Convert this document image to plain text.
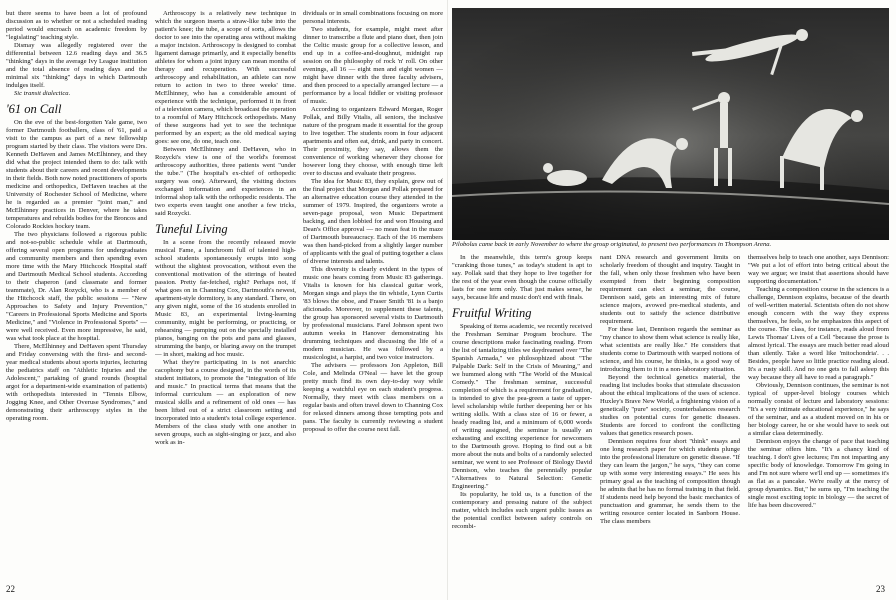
but there seems to have been a lot of profound discussion as to whether or not a scheduled reading period would encroach on academic freedom by "legislating" teaching style.

Dismay was allegedly registered over the differential between 12.6 reading days and 36.5 "thinking" days in the average Ivy League institution and the total absence of reading days and the minimal six "thinking" days in which Dartmouth indulges itself.

Sic transit dialectica.

'61 on Call

On the eve of the best-forgotten Yale game, two former Dartmouth footballers, class of '61, paid a visit to the campus as part of a new fellowship program started by their class. The visitors were Drs. Kenneth DeHaven and James McElhinney, and they did what the project intended them to do: talk with students about their careers and recent developments in their fields. Both now noted practitioners of sports medicine and orthopedics, DeHaven teaches at the University of Rochester School of Medicine, where he is regarded as a premier "joint man," and McElhinney practices in Denver, where he takes temperatures and rebuilds bodies for the Broncos and Colorado Rockies hockey team.

The two physicians followed a rigorous public and not-so-public schedule while at Dartmouth, offering several open programs for undergraduates and community members and then spending even more time with the Mary Hitchcock Hospital staff and Dartmouth Medical School students. According to their chaperon (and classmate and former teammate), Dr. Alan Rozycki, who is a member of the Hitchcock staff, the public sessions — "New Approaches to Safety and Injury Prevention," "Careers in Professional Sports Medicine and Sports Medicine," and "Violence in Professional Sports" — were well received. Even more impressive, he said, was what took place at the hospital.

There, McElhinney and DeHaven spent Thursday and Friday conversing with the first- and second-year medical students about sports injuries, lecturing the pediatrics staff on "Athletic Injuries and the Adolescent," partaking of grand rounds (hospital argot for a department-wide examination of patients) with orthopedists interested in "Tennis Elbow, Jogging Knee, and Other Overuse Syndromes," and demonstrating their arthroscopy styles in the operating room.

Arthroscopy is a relatively new technique in which the surgeon inserts a straw-like tube into the patient's knee; the tube, a scope of sorts, allows the doctor to see into the operating area without making a major incision. Arthroscopy is designed to combat ligament damage primarily, and it especially benefits athletes for whom a joint injury can mean months of therapy and recuperation. With successful arthroscopy and rehabilitation, an athlete can now return to action in two to three weeks' time. McElhinney, who has a considerable amount of experience with the technique, performed it in front of a television camera, which broadcast the operation to a roomful of Mary Hitchcock orthopedists. Many of these surgeons had yet to see the technique performed by an expert; as the old medical saying goes: see one, do one, teach one.

Between McElhinney and DeHaven, who in Rozycki's view is one of the world's foremost arthroscopy authorities, three patients went "under the tube." (The hospital's ex-chief of orthopedic surgery was one). Afterward, the visiting doctors exchanged information and experiences in an informal shop talk with the orthopedic residents. The two experts even taught one another a few tricks, said Rozycki.

Tuneful Living

In a scene from the recently released movie musical Fame, a lunchroom full of talented high-school students spontaneously erupts into song without the slightest provocation, without even the conventional motivation of the stirrings of heated passion. Pretty far-fetched, right? Perhaps not, if what goes on in Channing Cox, Dartmouth's newest, apartment-style dormitory, is any standard. There, on any given night, some of the 16 students enrolled in Music 83, an experimental living-learning community, might be performing, or practicing, or rehearsing — pumping out on the specially installed pianos, banging on the pots and pans and glasses, strumming the banjo, or blaring away on the trumpet — in short, making ad hoc music.

What they're participating in is not anarchic cacophony but a course designed, in the words of its student initiators, to promote the "integration of life and music." In practical terms that means that the informal curriculum — an exploration of new musical skills and a refinement of old ones — has been lifted out of a strict classroom setting and incorporated into a student's total college experience. Members of the class study with one another in seven groups, such as sight-singing or jazz, and also work as in-

dividuals or in small combinations focusing on more personal interests.

Two students, for example, might meet after dinner to transcribe a flute and piano duet, then join the Celtic music group for a collective lesson, and end up in a coffee-and-doughnut, midnight rap session on the philosophy of rock 'n' roll. On other evenings, all 16 — eight men and eight women — might have dinner with the three faculty advisers, and then proceed to a specially arranged lecture — a performance by a local fiddler or visiting professor of music.

According to organizers Edward Morgan, Roger Pollak, and Billy Vitalis, all seniors, the inclusive nature of the program made it essential for the group to live together. The students room in four adjacent apartments and often eat, drink, and party in concert. Their proximity, they say, allows them the convenience of working whenever they choose for however long they choose, with enough time left over to discuss and evaluate their progress.

The idea for Music 83, they explain, grew out of the final project that Morgan and Pollak prepared for an alternative education course they attended in the summer of 1979. Inspired, the organizers wrote a seven-page proposal, won Music Department backing, and then lobbied for and won Housing and Dean's Office approval — no mean feat in the maze of Dartmouth bureaucracy. Each of the 16 members was then hand-picked from a slightly larger number of applicants with the goal of putting together a class of diverse interests and talents.

This diversity is clearly evident in the types of music one hears coming from Music 83 gatherings. Vitalis is known for his classical guitar work, Morgan sings and plays the tin whistle, Lynn Curtis '83 blows the oboe, and Fraser Smith '81 is a banjo aficionado. Moreover, to supplement these talents, the group has sponsored several visits to Dartmouth by professional musicians. Farel Johnson spent two autumn weeks in Hanover demonstrating his drumming techniques and discussing the life of a modern musician. He was followed by a musicologist, a harpist, and two voice instructors.

The advisers — professors Jon Appleton, Bill Cole, and Melinda O'Neal — have let the group pretty much find its own day-to-day way while keeping a watchful eye on each student's progress. Normally, they meet with class members on a regular basis and often travel down to Channing Cox for relaxed dinners among those tempting pots and pans. The faculty is currently reviewing a student proposal to offer the course next fall.

22
Pilobolus came back in early November to where the group originated, to present two performances in Thompson Arena.

In the meanwhile, this term's group keeps "cranking those tunes," as today's student is apt to say. Pollak said that they hope to live together for the rest of the year even though the course officially lasts for one term only. That just makes sense, he says, because life and music don't end with finals.

Fruitful Writing

Speaking of items academic, we recently received the Freshman Seminar Program brochure. The course descriptions make fascinating reading. From the list of tantalizing titles we daydreamed over "The Spanish Armada," we philosophized about "The Palpable Dark: Self in the Crisis of Meaning," and we hummed along with "The World of the Musical Comedy." The freshman seminar, successful completion of which is a requirement for graduation, is intended to give the pea-green a taste of upper-level scholarship while further deepening her or his writing skills. With a class size of 16 or fewer, a heady reading list, and a minimum of 6,000 words of writing assigned, the seminar is usually an exhausting and exciting experience for newcomers to the Dartmouth grove. Hoping to find out a bit more about the nuts and bolts of a randomly selected seminar, we went to see Professor of Biology David Dennison, who teaches the perennially popular "Alternatives to Natural Selection: Genetic Engineering."

Its popularity, he told us, is a function of the contemporary and pressing nature of the subject matter, which includes such urgent public issues as the potential conflict between safety controls on recombi-

nant DNA research and government limits on scholarly freedom of thought and inquiry. Taught in the fall, when only those freshmen who have been exempted from their beginning composition requirement can elect a seminar, the course, Dennison said, gets an interesting mix of future science majors, avowed pre-medical students, and students out to satisfy the science distributive requirement.

For these last, Dennison regards the seminar as "my chance to show them what science is really like, what scientists are really like." He considers that students come to Dartmouth with warped notions of science, and his course, he thinks, is a good way of introducing them to it in a non-laboratory situation.

Beyond the technical genetics material, the reading list includes books that stimulate discussion about the ethical implications of the uses of science. Huxley's Brave New World, a frightening vision of a genetically "pure" society, counterbalances research studies on potential cures for genetic diseases. Students are forced to confront the conflicting values that genetics research poses.

Dennison requires four short "think" essays and one long research paper for which students plunge into the professional literature on genetic disease. "If they can learn the jargon," he says, "they can come up with some very interesting essays." He sees his primary goal as the teaching of composition though he admits that he has no formal training in that field. If students need help beyond the basic mechanics of punctuation and grammar, he sends them to the writing resource center located in Sanborn House. The class members

themselves help to teach one another, says Dennison: "We put a lot of effort into being critical about the way we argue; we insist that assertions should have supporting documentation."

Teaching a composition course in the sciences is a challenge, Dennison explains, because of the dearth of well-written material. Scientists often do not show enough concern with the way they express themselves, he feels, so he emphasizes this aspect of the course. The class, for instance, reads aloud from Lewis Thomas' Lives of a Cell "because the prose is almost lyrical. The essays are much better read aloud than silently. Take a word like 'mitochondria'. . . Besides, people have so little practice reading aloud. It's a rusty skill. And no one gets to fall asleep this way because they all have to read a paragraph."

Obviously, Dennison continues, the seminar is not typical of upper-level biology courses which normally consist of lecture and laboratory sessions: "It's a very intimate educational experience," he says of the seminar, and as a student moved on in his or her biology career, he or she would have to seek out a similar class determinedly.

Dennison enjoys the change of pace that teaching the seminar offers him. "It's a chancy kind of teaching. I don't give lectures; I'm not imparting any specific body of knowledge. Tomorrow I'm going in and I'm not sure where we'll end up — sometimes it's as flat as a pancake. We're really at the mercy of group dynamics. But," he sums up, "I'm teaching the single most exciting topic in biology — the secret of life has been discovered."

23
